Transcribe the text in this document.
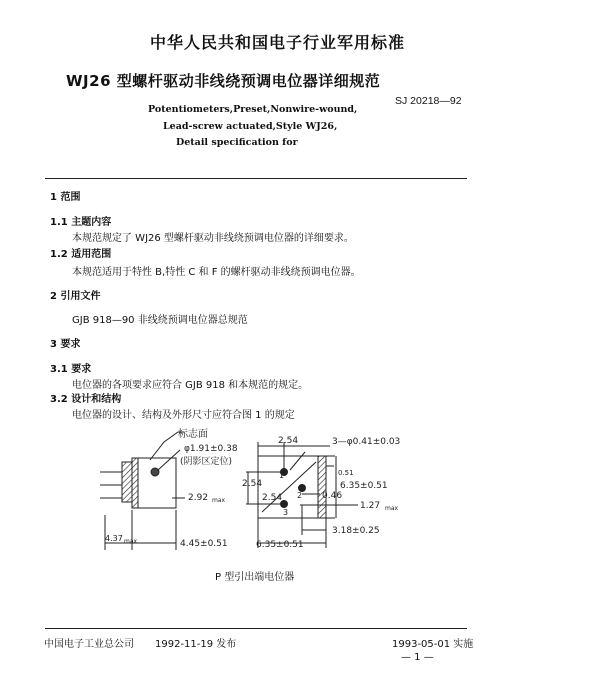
中华人民共和国电子行业军用标准
WJ26 型螺杆驱动非线绕预调电位器详细规范
SJ 20218—92
Potentiometers,Preset,Nonwire-wound,
Lead-screw actuated,Style WJ26,
Detail specification for
1 范围
1.1 主题内容
本规范规定了 WJ26 型螺杆驱动非线绕预调电位器的详细要求。
1.2 适用范围
本规范适用于特性 B,特性 C 和 F 的螺杆驱动非线绕预调电位器。
2 引用文件
GJB 918—90 非线绕预调电位器总规范
3 要求
3.1 要求
电位器的各项要求应符合 GJB 918 和本规范的规定。
3.2 设计和结构
电位器的设计、结构及外形尺寸应符合图 1 的规定
标志面
φ1.91±0.38
(阴影区定位)
2.92 max
4.37 max	4.45±0.51
2.54	3—φ0.41±0.03
0.51
2.54
2.54
6.35±0.51
0.46
1.27 max
3.18±0.25
6.35±0.51
1
2
3
P 型引出端电位器
中国电子工业总公司 1992-11-19 发布	1993-05-01 实施
— 1 —
